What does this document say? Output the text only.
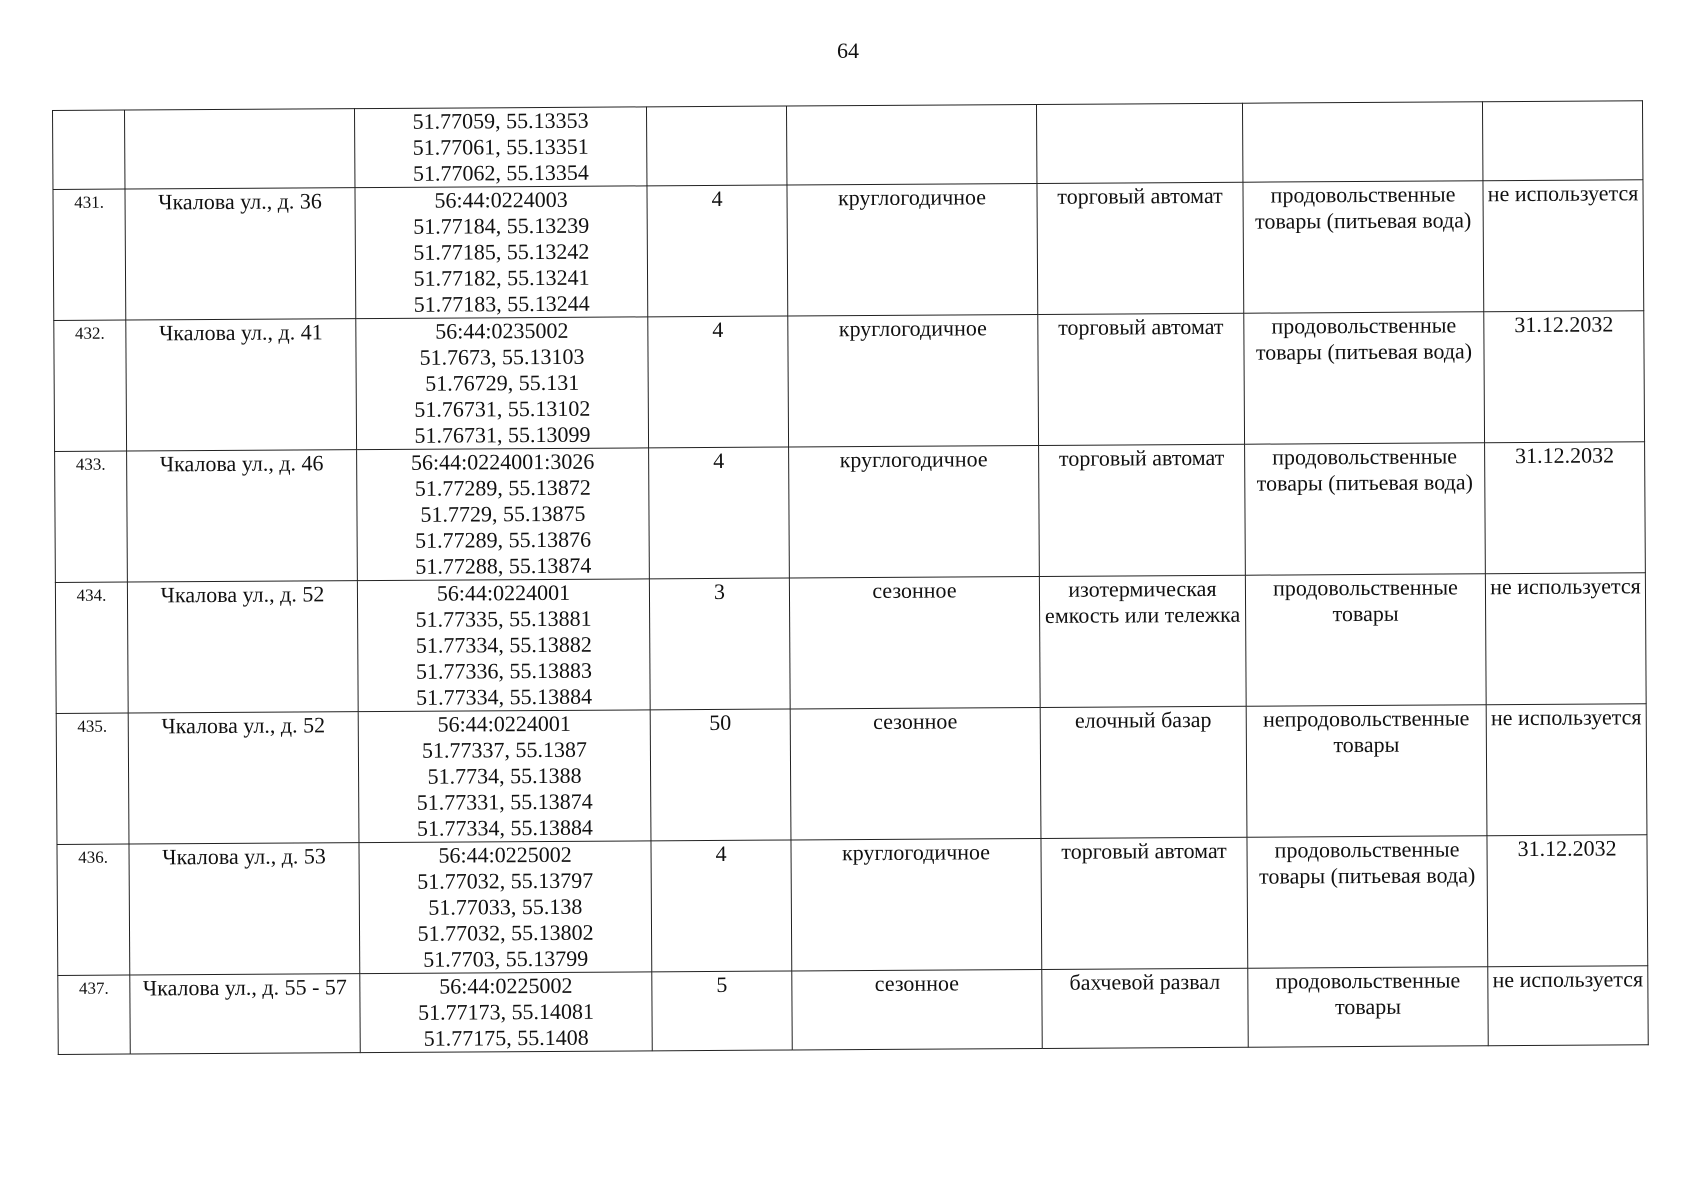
64

		51.77059, 55.13353
51.77061, 55.13351
51.77062, 55.13354					

431.	Чкалова ул., д. 36	56:44:0224003
51.77184, 55.13239
51.77185, 55.13242
51.77182, 55.13241
51.77183, 55.13244	4	круглогодичное	торговый автомат	продовольственные товары (питьевая вода)	не используется
432.	Чкалова ул., д. 41	56:44:0235002
51.7673, 55.13103
51.76729, 55.131
51.76731, 55.13102
51.76731, 55.13099	4	круглогодичное	торговый автомат	продовольственные товары (питьевая вода)	31.12.2032
433.	Чкалова ул., д. 46	56:44:0224001:3026
51.77289, 55.13872
51.7729, 55.13875
51.77289, 55.13876
51.77288, 55.13874	4	круглогодичное	торговый автомат	продовольственные товары (питьевая вода)	31.12.2032
434.	Чкалова ул., д. 52	56:44:0224001
51.77335, 55.13881
51.77334, 55.13882
51.77336, 55.13883
51.77334, 55.13884	3	сезонное	изотермическая емкость или тележка	продовольственные товары	не используется
435.	Чкалова ул., д. 52	56:44:0224001
51.77337, 55.1387
51.7734, 55.1388
51.77331, 55.13874
51.77334, 55.13884	50	сезонное	елочный базар	непродовольственные товары	не используется
436.	Чкалова ул., д. 53	56:44:0225002
51.77032, 55.13797
51.77033, 55.138
51.77032, 55.13802
51.7703, 55.13799	4	круглогодичное	торговый автомат	продовольственные товары (питьевая вода)	31.12.2032
437.	Чкалова ул., д. 55 - 57	56:44:0225002
51.77173, 55.14081
51.77175, 55.1408	5	сезонное	бахчевой развал	продовольственные товары	не используется
